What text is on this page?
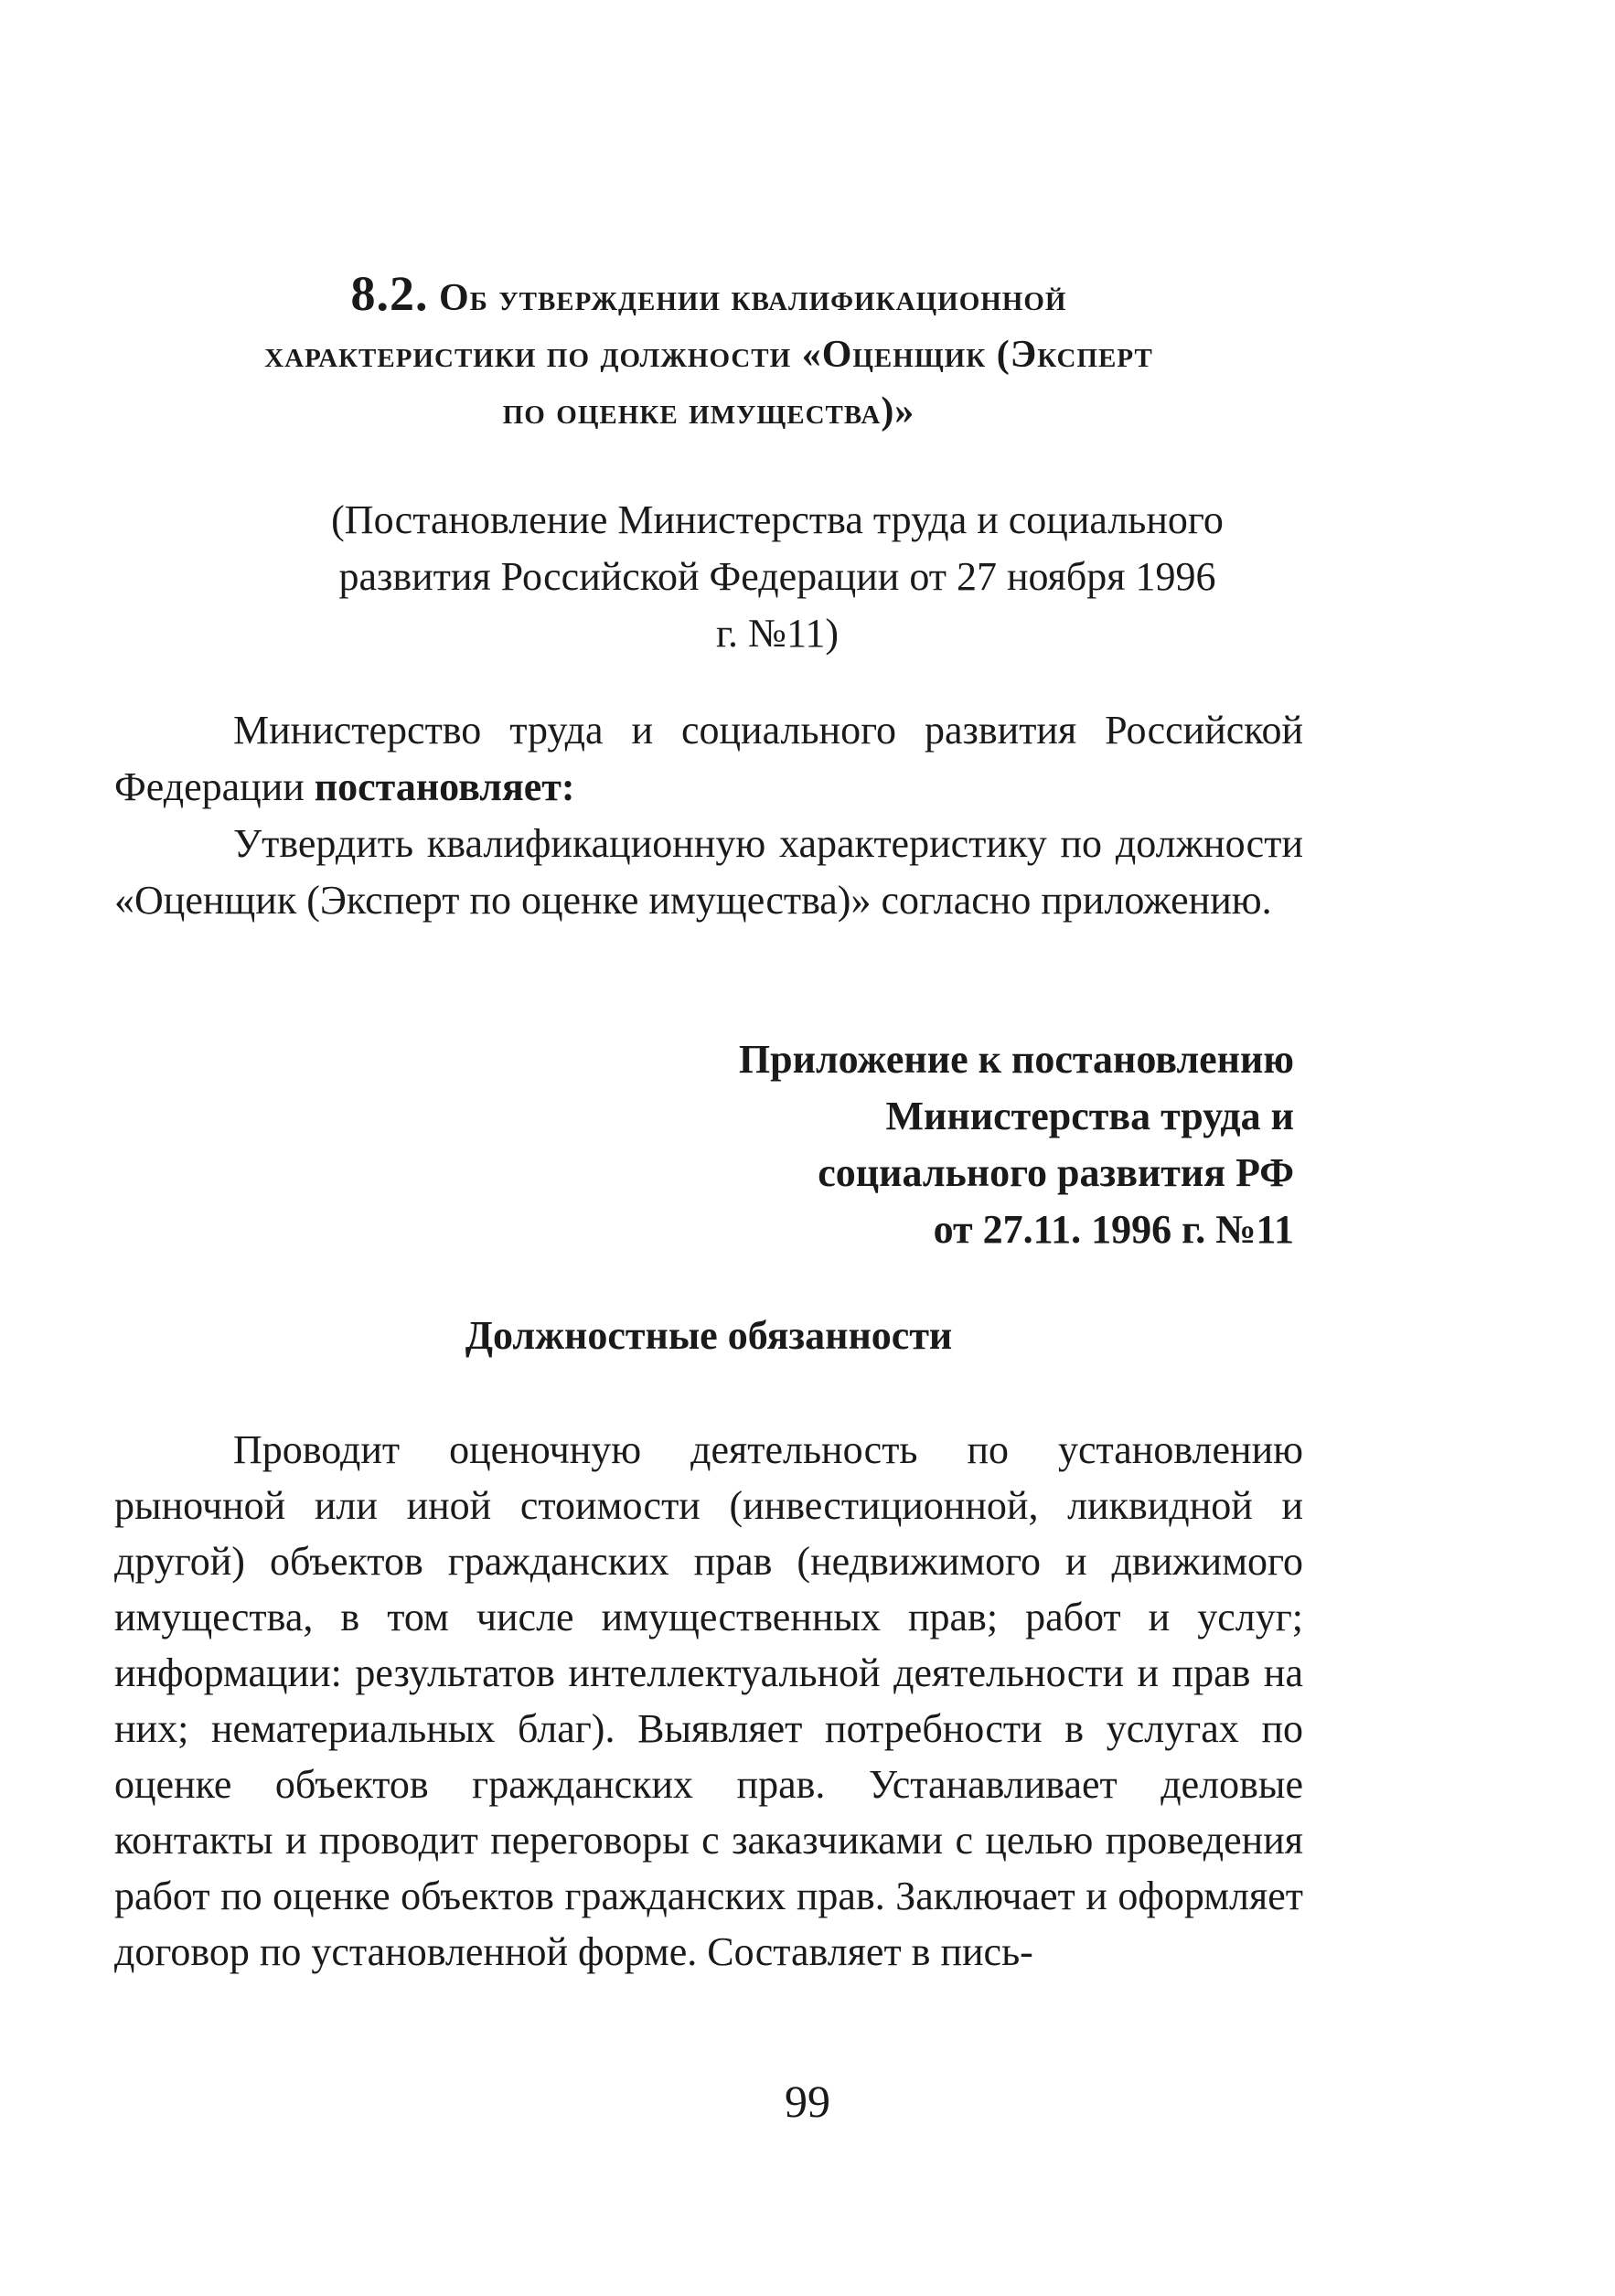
8.2. Об утверждении квалификационной
характеристики по должности «Оценщик (Эксперт
по оценке имущества)»
(Постановление Министерства труда и социального
развития Российской Федерации от 27 ноября 1996
г. №11)
Министерство труда и социального развития Российской Федерации постановляет:
Утвердить квалификационную характеристику по должности «Оценщик (Эксперт по оценке имущества)» согласно приложению.
Приложение к постановлению
Министерства труда и
социального развития РФ
от 27.11. 1996 г. №11
Должностные обязанности
Проводит оценочную деятельность по установлению рыночной или иной стоимости (инвестиционной, ликвидной и другой) объектов гражданских прав (недвижимого и движимого имущества, в том числе имущественных прав; работ и услуг; информации: результатов интеллектуальной деятельности и прав на них; нематериальных благ). Выявляет потребности в услугах по оценке объектов гражданских прав. Устанавливает деловые контакты и проводит переговоры с заказчиками с целью проведения работ по оценке объектов гражданских прав. Заключает и оформляет договор по установленной форме. Составляет в пись-
99
